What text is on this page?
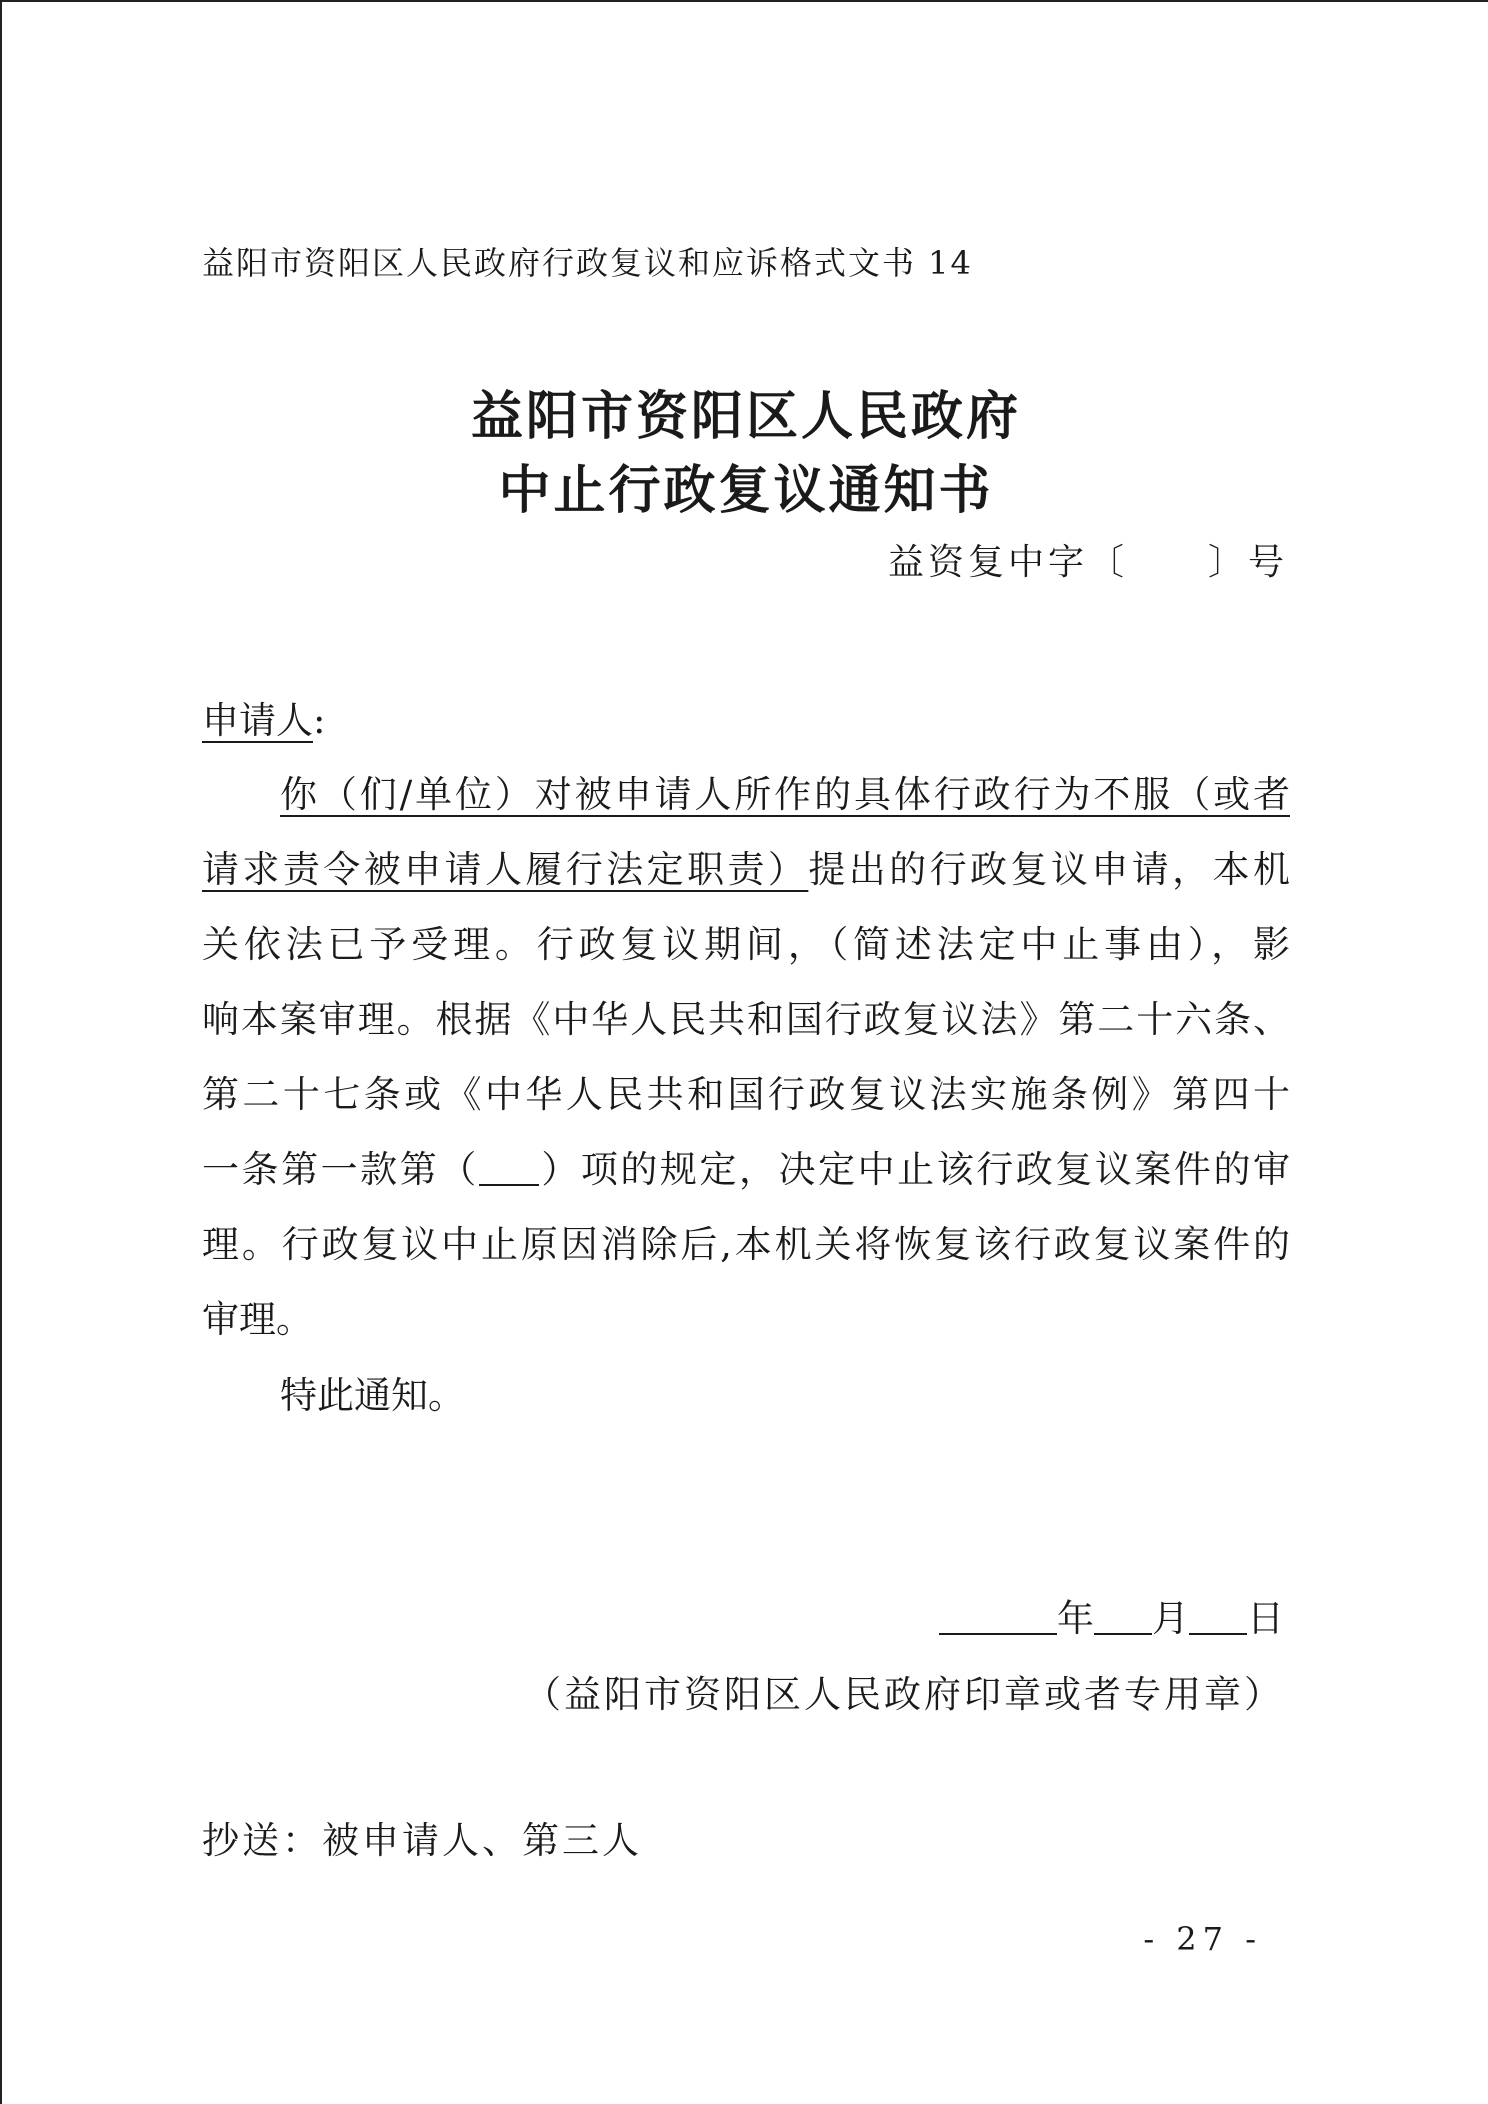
益阳市资阳区人民政府行政复议和应诉格式文书 14
益阳市资阳区人民政府
中止行政复议通知书
益资复中字〔　　〕号
申请人:
你（们/单位）对被申请人所作的具体行政行为不服（或者
请求责令被申请人履行法定职责）提出的行政复议申请，本机
关依法已予受理。行政复议期间，（简述法定中止事由），影
响本案审理。根据《中华人民共和国行政复议法》第二十六条、
第二十七条或《中华人民共和国行政复议法实施条例》第四十
一条第一款第（ ）项的规定，决定中止该行政复议案件的审
理。行政复议中止原因消除后,本机关将恢复该行政复议案件的
审理。
特此通知。
年 月 日
（益阳市资阳区人民政府印章或者专用章）
抄送：被申请人、第三人
- 27 -
